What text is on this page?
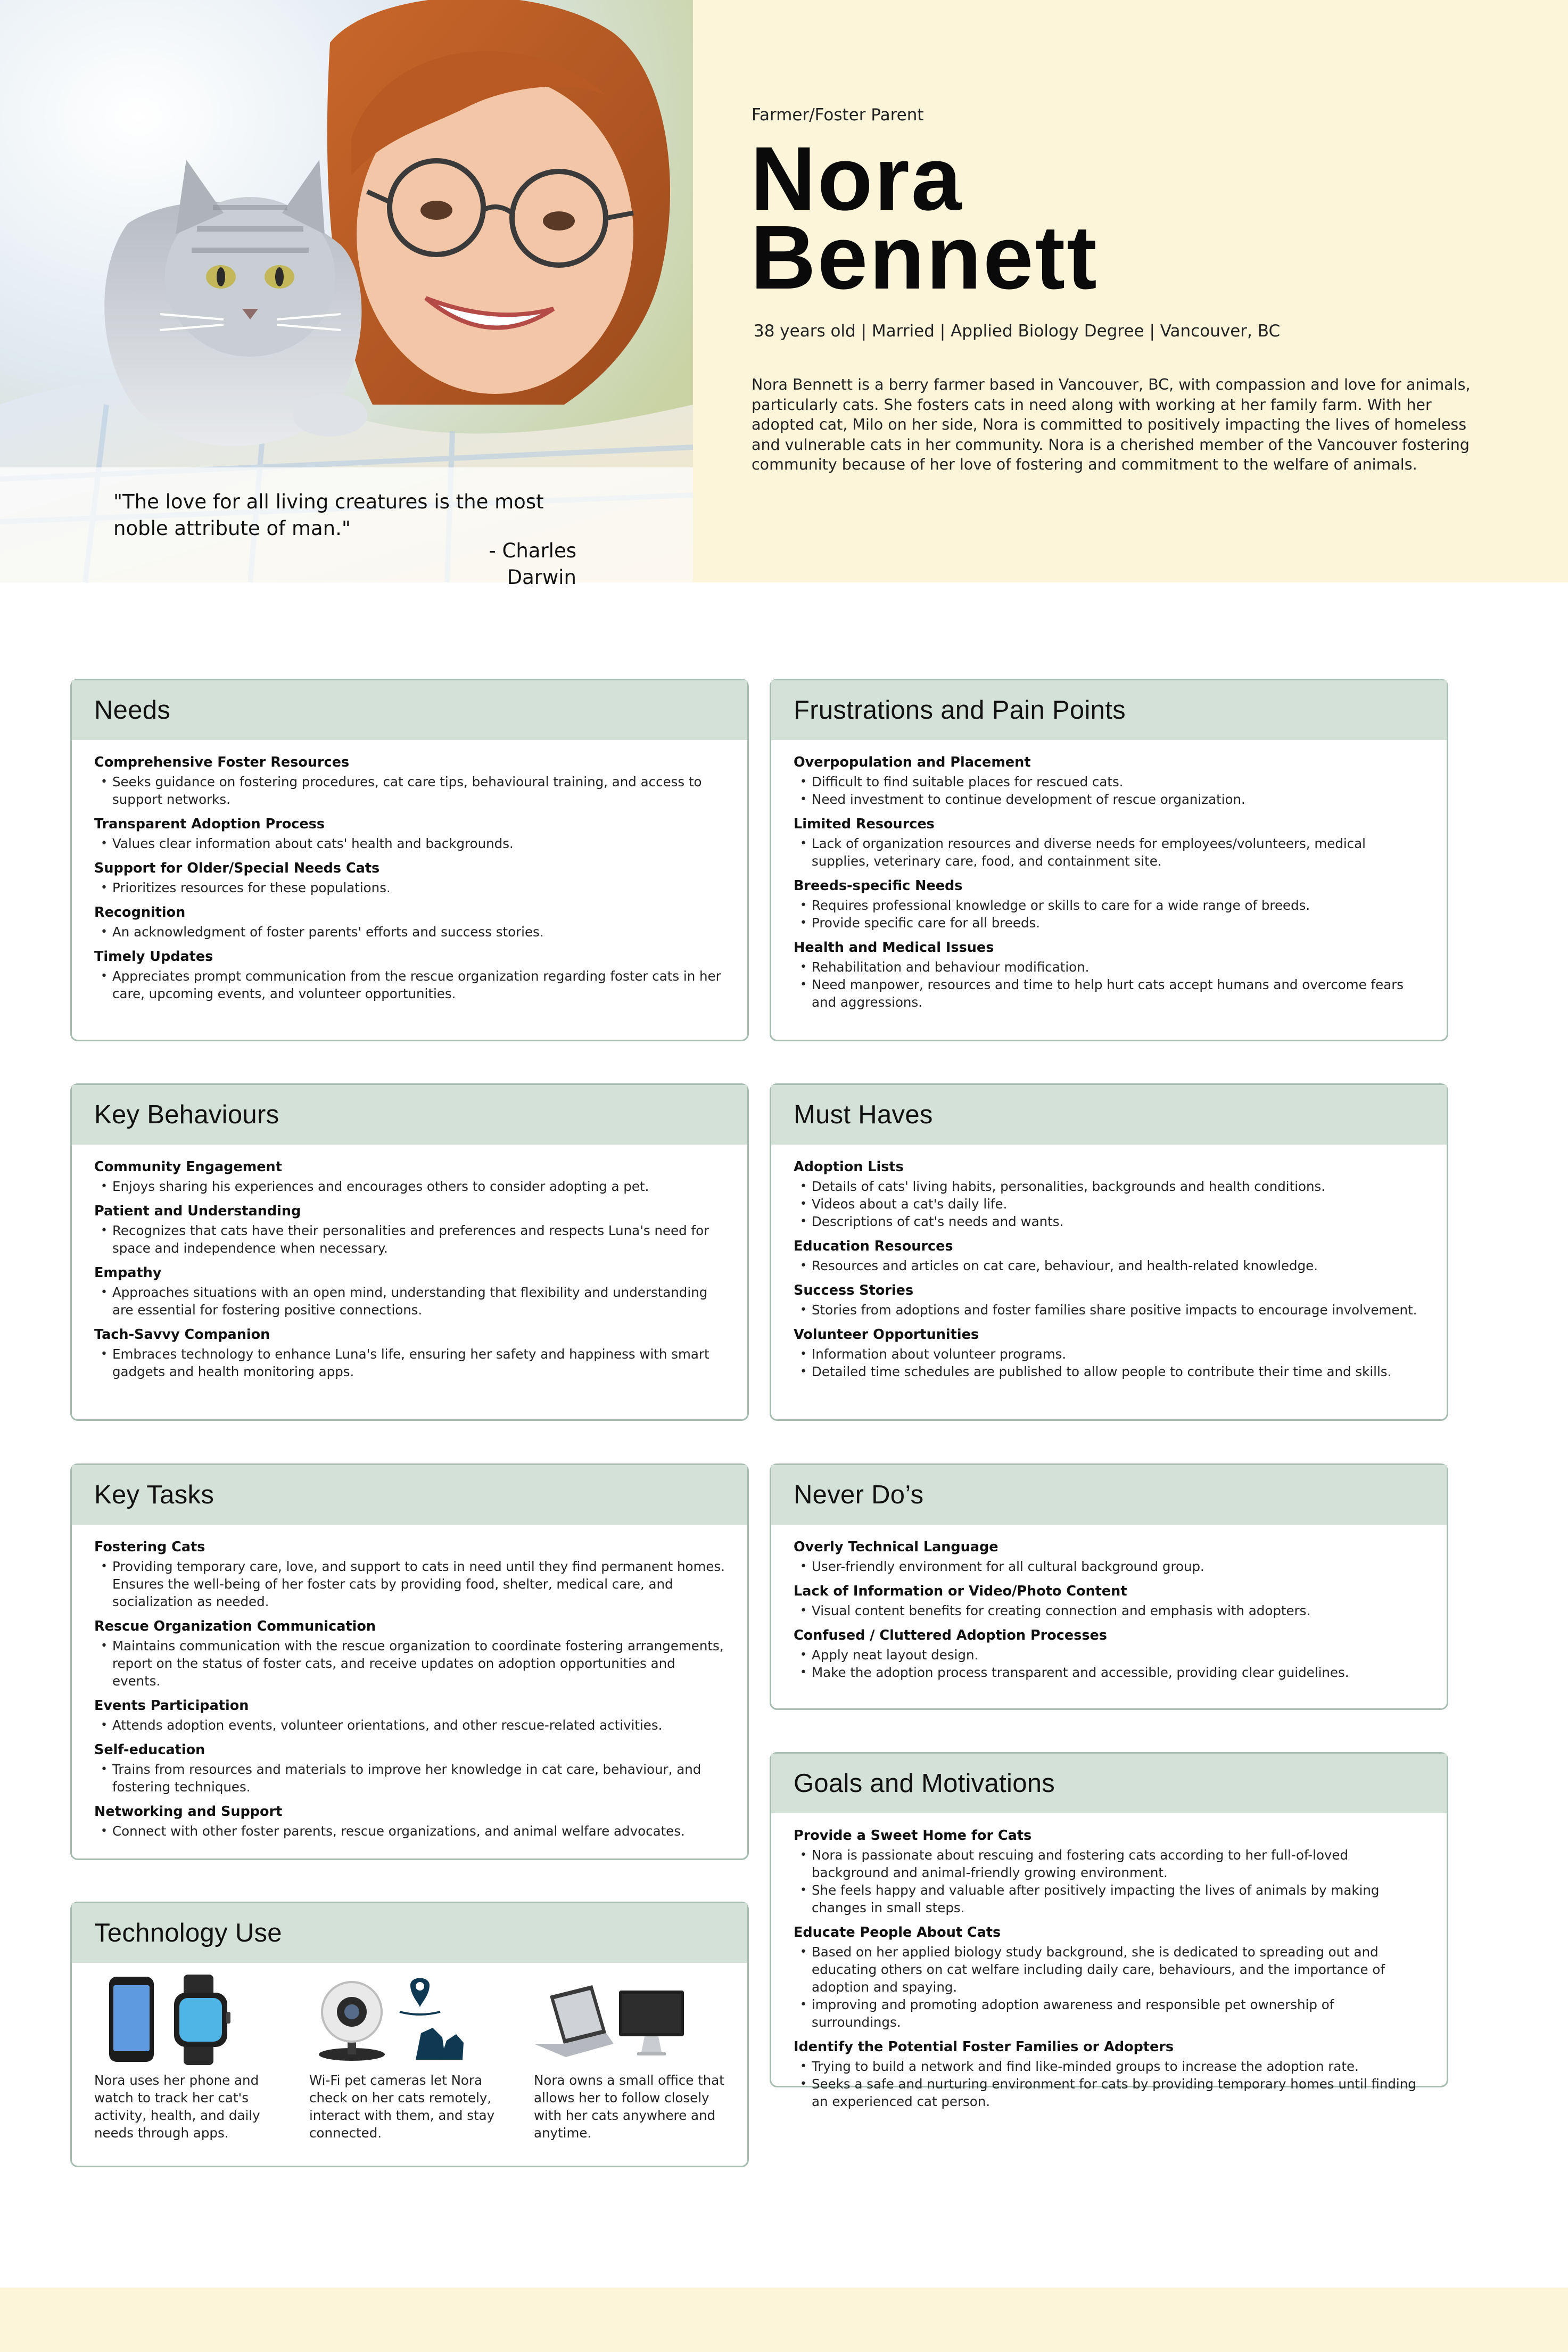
"The love for all living creatures is the most noble attribute of man."
- Charles Darwin
Farmer/Foster Parent
Nora
Bennett
38 years old | Married | Applied Biology Degree | Vancouver, BC
Nora Bennett is a berry farmer based in Vancouver, BC, with compassion and love for animals, particularly cats. She fosters cats in need along with working at her family farm. With her adopted cat, Milo on her side, Nora is committed to positively impacting the lives of homeless and vulnerable cats in her community. Nora is a cherished member of the Vancouver fostering community because of her love of fostering and commitment to the welfare of animals.
Needs
Comprehensive Foster Resources
• Seeks guidance on fostering procedures, cat care tips, behavioural training, and access to support networks.
Transparent Adoption Process
• Values clear information about cats' health and backgrounds.
Support for Older/Special Needs Cats
• Prioritizes resources for these populations.
Recognition
• An acknowledgment of foster parents' efforts and success stories.
Timely Updates
• Appreciates prompt communication from the rescue organization regarding foster cats in her care, upcoming events, and volunteer opportunities.
Key Behaviours
Community Engagement
• Enjoys sharing his experiences and encourages others to consider adopting a pet.
Patient and Understanding
• Recognizes that cats have their personalities and preferences and respects Luna's need for space and independence when necessary.
Empathy
• Approaches situations with an open mind, understanding that flexibility and understanding are essential for fostering positive connections.
Tach-Savvy Companion
• Embraces technology to enhance Luna's life, ensuring her safety and happiness with smart gadgets and health monitoring apps.
Key Tasks
Fostering Cats
• Providing temporary care, love, and support to cats in need until they find permanent homes. Ensures the well-being of her foster cats by providing food, shelter, medical care, and socialization as needed.
Rescue Organization Communication
• Maintains communication with the rescue organization to coordinate fostering arrangements, report on the status of foster cats, and receive updates on adoption opportunities and events.
Events Participation
• Attends adoption events, volunteer orientations, and other rescue-related activities.
Self-education
• Trains from resources and materials to improve her knowledge in cat care, behaviour, and fostering techniques.
Networking and Support
• Connect with other foster parents, rescue organizations, and animal welfare advocates.
Technology Use
Nora uses her phone and watch to track her cat's activity, health, and daily needs through apps.
Wi-Fi pet cameras let Nora check on her cats remotely, interact with them, and stay connected.
Nora owns a small office that allows her to follow closely with her cats anywhere and anytime.
Frustrations and Pain Points
Overpopulation and Placement
• Difficult to find suitable places for rescued cats.
• Need investment to continue development of rescue organization.
Limited Resources
• Lack of organization resources and diverse needs for employees/volunteers, medical supplies, veterinary care, food, and containment site.
Breeds-specific Needs
• Requires professional knowledge or skills to care for a wide range of breeds.
• Provide specific care for all breeds.
Health and Medical Issues
• Rehabilitation and behaviour modification.
• Need manpower, resources and time to help hurt cats accept humans and overcome fears and aggressions.
Must Haves
Adoption Lists
• Details of cats' living habits, personalities, backgrounds and health conditions.
• Videos about a cat's daily life.
• Descriptions of cat's needs and wants.
Education Resources
• Resources and articles on cat care, behaviour, and health-related knowledge.
Success Stories
• Stories from adoptions and foster families share positive impacts to encourage involvement.
Volunteer Opportunities
• Information about volunteer programs.
• Detailed time schedules are published to allow people to contribute their time and skills.
Never Do’s
Overly Technical Language
• User-friendly environment for all cultural background group.
Lack of Information or Video/Photo Content
• Visual content benefits for creating connection and emphasis with adopters.
Confused / Cluttered Adoption Processes
• Apply neat layout design.
• Make the adoption process transparent and accessible, providing clear guidelines.
Goals and Motivations
Provide a Sweet Home for Cats
• Nora is passionate about rescuing and fostering cats according to her full-of-loved background and animal-friendly growing environment.
• She feels happy and valuable after positively impacting the lives of animals by making changes in small steps.
Educate People About Cats
• Based on her applied biology study background, she is dedicated to spreading out and educating others on cat welfare including daily care, behaviours, and the importance of adoption and spaying.
• improving and promoting adoption awareness and responsible pet ownership of surroundings.
Identify the Potential Foster Families or Adopters
• Trying to build a network and find like-minded groups to increase the adoption rate.
• Seeks a safe and nurturing environment for cats by providing temporary homes until finding an experienced cat person.
